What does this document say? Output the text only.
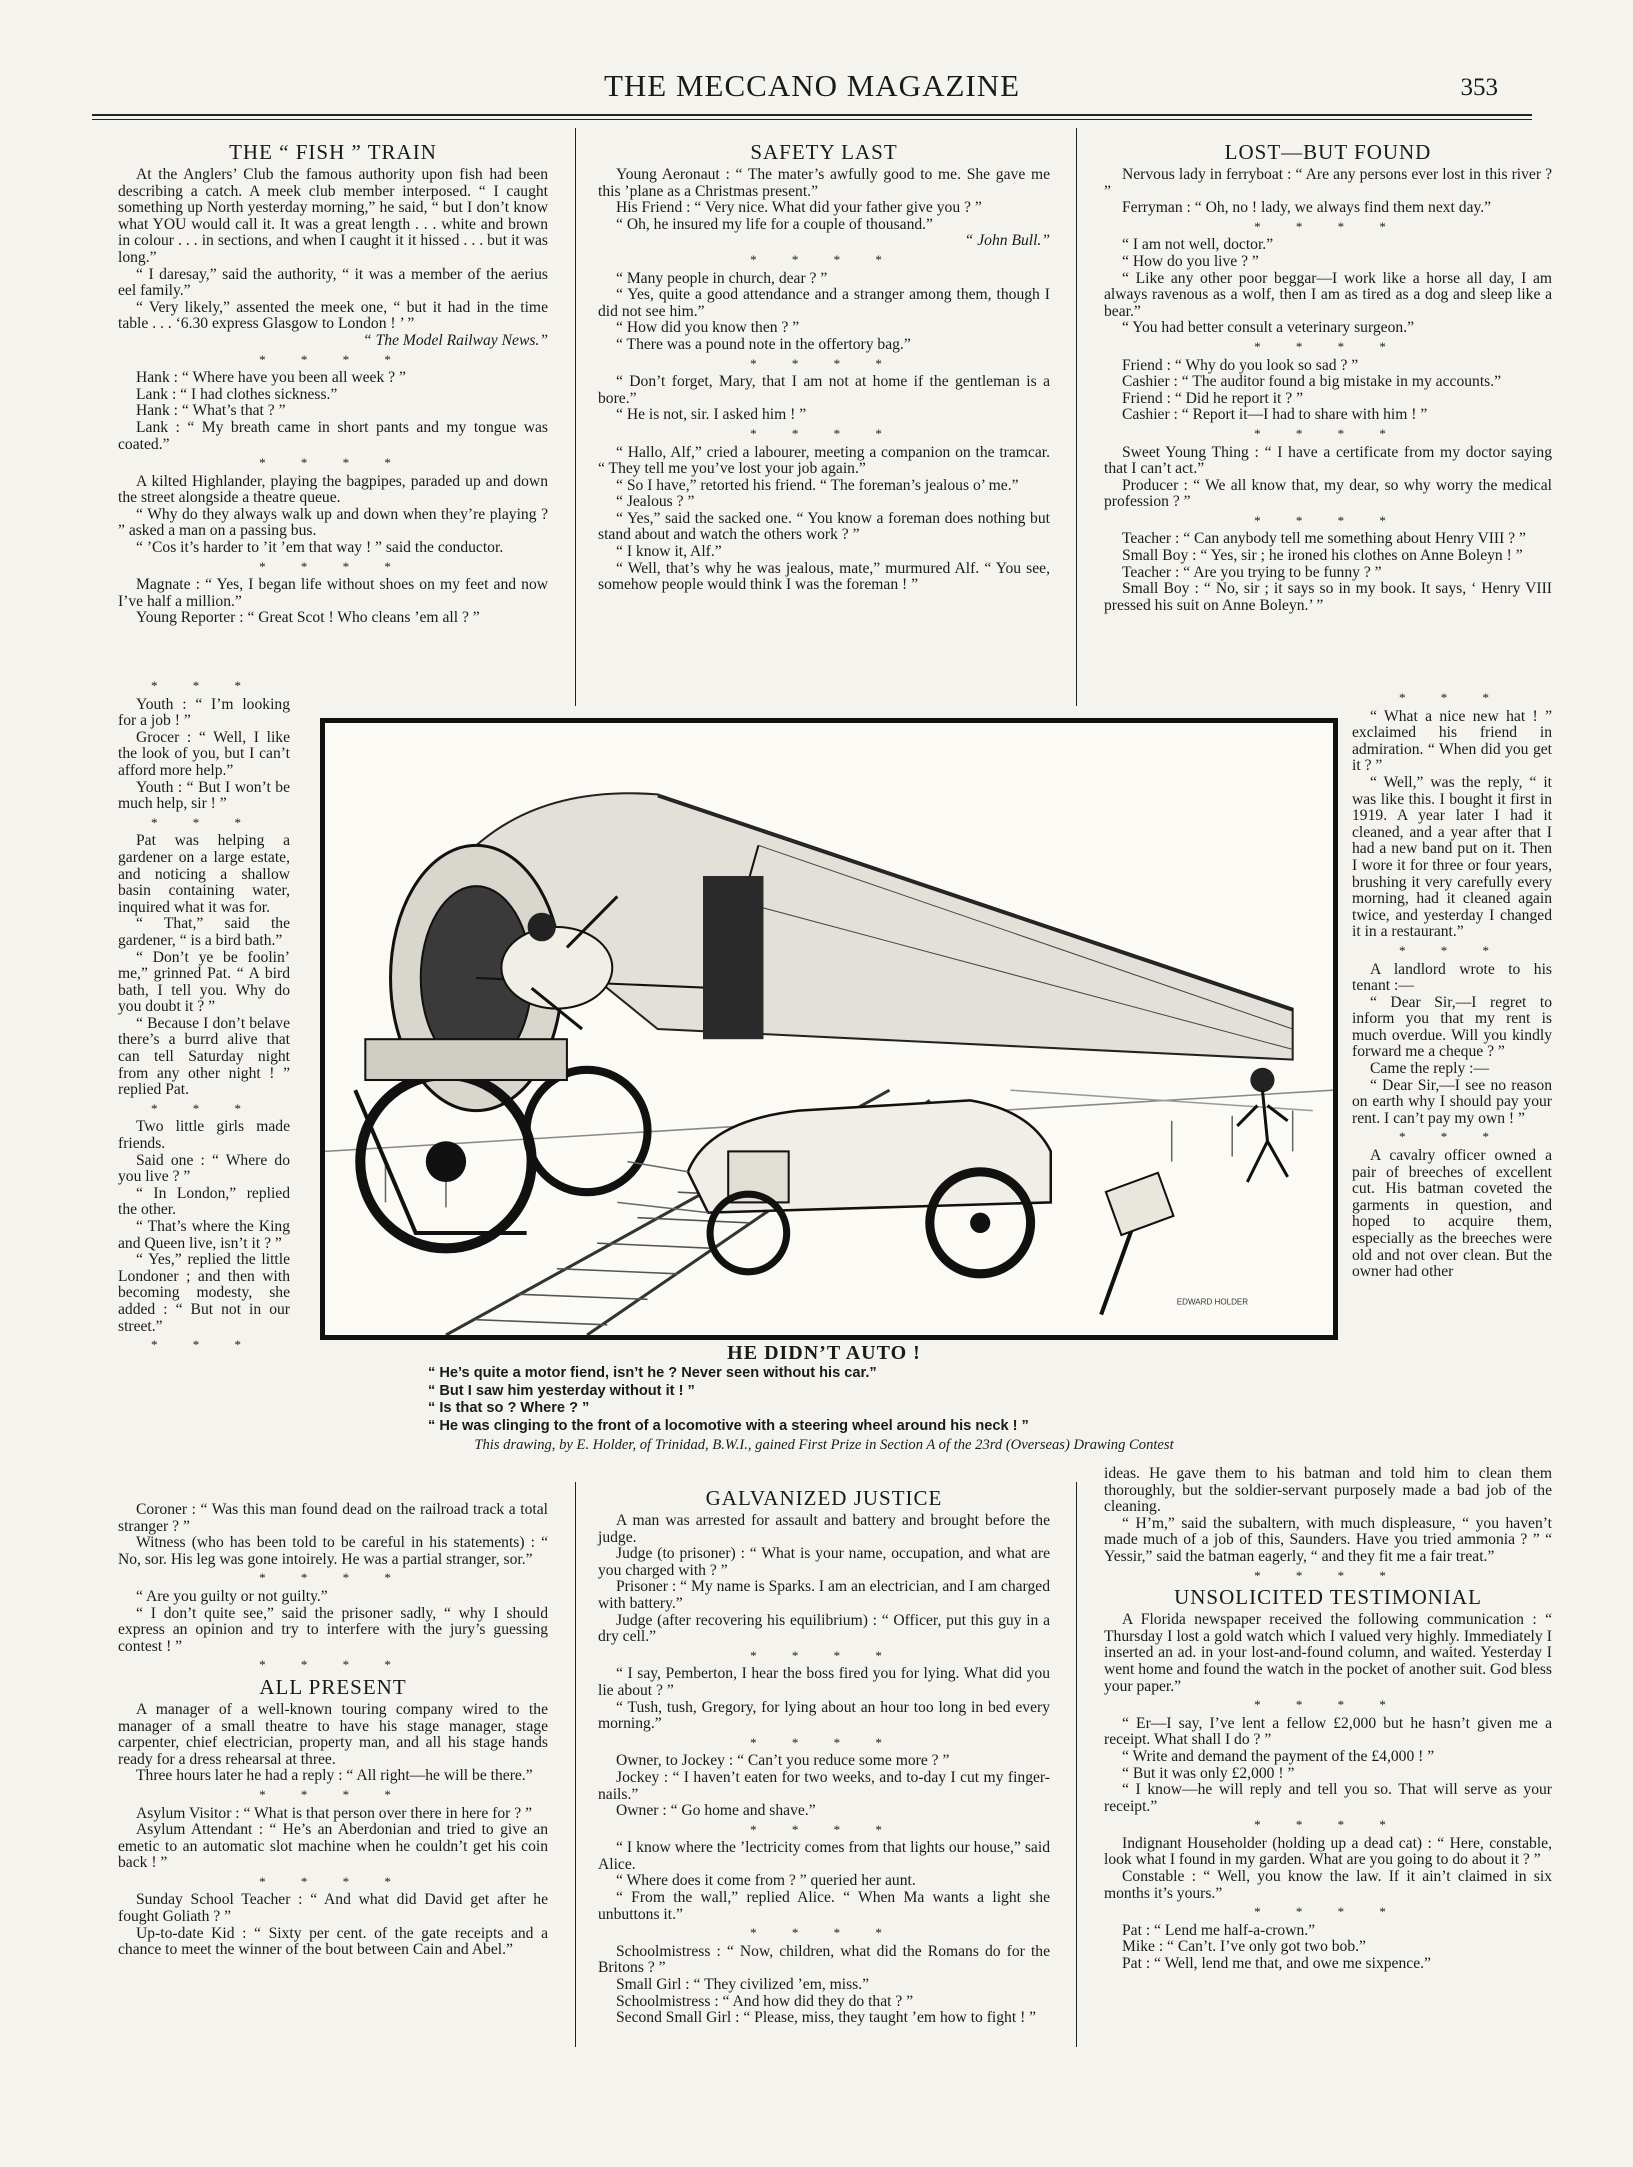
THE MECCANO MAGAZINE	353
THE “ FISH ” TRAIN

At the Anglers’ Club the famous authority upon fish had been describing a catch. A meek club member interposed. “ I caught something up North yesterday morning,” he said, “ but I don’t know what YOU would call it. It was a great length . . . white and brown in colour . . . in sections, and when I caught it it hissed . . . but it was long.”

“ I daresay,” said the authority, “ it was a member of the aerius eel family.”

“ Very likely,” assented the meek one, “ but it had in the time table . . . ‘6.30 express Glasgow to London ! ’ ”

“ The Model Railway News.”

* * * *

Hank : “ Where have you been all week ? ”

Lank : “ I had clothes sickness.”

Hank : “ What’s that ? ”

Lank : “ My breath came in short pants and my tongue was coated.”

* * * *

A kilted Highlander, playing the bagpipes, paraded up and down the street alongside a theatre queue.

“ Why do they always walk up and down when they’re playing ? ” asked a man on a passing bus.

“ ’Cos it’s harder to ’it ’em that way ! ” said the conductor.

* * * *

Magnate : “ Yes, I began life without shoes on my feet and now I’ve half a million.”

Young Reporter : “ Great Scot ! Who cleans ’em all ? ”

* * *

Youth : “ I’m looking for a job ! ”

Grocer : “ Well, I like the look of you, but I can’t afford more help.”

Youth : “ But I won’t be much help, sir ! ”

* * *

Pat was helping a gardener on a large estate, and noticing a shallow basin containing water, inquired what it was for.

“ That,” said the gardener, “ is a bird bath.”

“ Don’t ye be foolin’ me,” grinned Pat. “ A bird bath, I tell you. Why do you doubt it ? ”

“ Because I don’t belave there’s a burrd alive that can tell Saturday night from any other night ! ” replied Pat.

* * *

Two little girls made friends.

Said one : “ Where do you live ? ”

“ In London,” replied the other.

“ That’s where the King and Queen live, isn’t it ? ”

“ Yes,” replied the little Londoner ; and then with becoming modesty, she added : “ But not in our street.”

* * *

Coroner : “ Was this man found dead on the railroad track a total stranger ? ”

Witness (who has been told to be careful in his statements) : “ No, sor. His leg was gone intoirely. He was a partial stranger, sor.”

* * * *

“ Are you guilty or not guilty.”

“ I don’t quite see,” said the prisoner sadly, “ why I should express an opinion and try to interfere with the jury’s guessing contest ! ”

* * * *
ALL PRESENT

A manager of a well-known touring company wired to the manager of a small theatre to have his stage manager, stage carpenter, chief electrician, property man, and all his stage hands ready for a dress rehearsal at three.

Three hours later he had a reply : “ All right—he will be there.”

* * * *

Asylum Visitor : “ What is that person over there in here for ? ”

Asylum Attendant : “ He’s an Aberdonian and tried to give an emetic to an automatic slot machine when he couldn’t get his coin back ! ”

* * * *

Sunday School Teacher : “ And what did David get after he fought Goliath ? ”

Up-to-date Kid : “ Sixty per cent. of the gate receipts and a chance to meet the winner of the bout between Cain and Abel.”

SAFETY LAST

Young Aeronaut : “ The mater’s awfully good to me. She gave me this ’plane as a Christmas present.”

His Friend : “ Very nice. What did your father give you ? ”

“ Oh, he insured my life for a couple of thousand.”

“ John Bull.”

* * * *

“ Many people in church, dear ? ”

“ Yes, quite a good attendance and a stranger among them, though I did not see him.”

“ How did you know then ? ”

“ There was a pound note in the offertory bag.”

* * * *

“ Don’t forget, Mary, that I am not at home if the gentleman is a bore.”

“ He is not, sir. I asked him ! ”

* * * *

“ Hallo, Alf,” cried a labourer, meeting a companion on the tramcar. “ They tell me you’ve lost your job again.”

“ So I have,” retorted his friend. “ The foreman’s jealous o’ me.”

“ Jealous ? ”

“ Yes,” said the sacked one. “ You know a foreman does nothing but stand about and watch the others work ? ”

“ I know it, Alf.”

“ Well, that’s why he was jealous, mate,” murmured Alf. “ You see, somehow people would think I was the foreman ! ”

GALVANIZED JUSTICE

A man was arrested for assault and battery and brought before the judge.

Judge (to prisoner) : “ What is your name, occupation, and what are you charged with ? ”

Prisoner : “ My name is Sparks. I am an electrician, and I am charged with battery.”

Judge (after recovering his equilibrium) : “ Officer, put this guy in a dry cell.”

* * * *

“ I say, Pemberton, I hear the boss fired you for lying. What did you lie about ? ”

“ Tush, tush, Gregory, for lying about an hour too long in bed every morning.”

* * * *

Owner, to Jockey : “ Can’t you reduce some more ? ”

Jockey : “ I haven’t eaten for two weeks, and to-day I cut my finger-nails.”

Owner : “ Go home and shave.”

* * * *

“ I know where the ’lectricity comes from that lights our house,” said Alice.

“ Where does it come from ? ” queried her aunt.

“ From the wall,” replied Alice. “ When Ma wants a light she unbuttons it.”

* * * *

Schoolmistress : “ Now, children, what did the Romans do for the Britons ? ”

Small Girl : “ They civilized ’em, miss.”

Schoolmistress : “ And how did they do that ? ”

Second Small Girl : “ Please, miss, they taught ’em how to fight ! ”

LOST—BUT FOUND

Nervous lady in ferryboat : “ Are any persons ever lost in this river ? ”

Ferryman : “ Oh, no ! lady, we always find them next day.”

* * * *

“ I am not well, doctor.”

“ How do you live ? ”

“ Like any other poor beggar—I work like a horse all day, I am always ravenous as a wolf, then I am as tired as a dog and sleep like a bear.”

“ You had better consult a veterinary surgeon.”

* * * *

Friend : “ Why do you look so sad ? ”

Cashier : “ The auditor found a big mistake in my accounts.”

Friend : “ Did he report it ? ”

Cashier : “ Report it—I had to share with him ! ”

* * * *

Sweet Young Thing : “ I have a certificate from my doctor saying that I can’t act.”

Producer : “ We all know that, my dear, so why worry the medical profession ? ”

* * * *

Teacher : “ Can anybody tell me something about Henry VIII ? ”

Small Boy : “ Yes, sir ; he ironed his clothes on Anne Boleyn ! ”

Teacher : “ Are you trying to be funny ? ”

Small Boy : “ No, sir ; it says so in my book. It says, ‘ Henry VIII pressed his suit on Anne Boleyn.’ ”

* * *

“ What a nice new hat ! ” exclaimed his friend in admiration. “ When did you get it ? ”

“ Well,” was the reply, “ it was like this. I bought it first in 1919. A year later I had it cleaned, and a year after that I had a new band put on it. Then I wore it for three or four years, brushing it very carefully every morning, had it cleaned again twice, and yesterday I changed it in a restaurant.”

* * *

A landlord wrote to his tenant :—

“ Dear Sir,—I regret to inform you that my rent is much overdue. Will you kindly forward me a cheque ? ”

Came the reply :—

“ Dear Sir,—I see no reason on earth why I should pay your rent. I can’t pay my own ! ”

* * *

A cavalry officer owned a pair of breeches of excellent cut. His batman coveted the garments in question, and hoped to acquire them, especially as the breeches were old and not over clean. But the owner had other

ideas. He gave them to his batman and told him to clean them thoroughly, but the soldier-servant purposely made a bad job of the cleaning.

“ H’m,” said the subaltern, with much displeasure, “ you haven’t made much of a job of this, Saunders. Have you tried ammonia ? ” “ Yessir,” said the batman eagerly, “ and they fit me a fair treat.”

* * * *
UNSOLICITED TESTIMONIAL

A Florida newspaper received the following communication : “ Thursday I lost a gold watch which I valued very highly. Immediately I inserted an ad. in your lost-and-found column, and waited. Yesterday I went home and found the watch in the pocket of another suit. God bless your paper.”

* * * *

“ Er—I say, I’ve lent a fellow £2,000 but he hasn’t given me a receipt. What shall I do ? ”

“ Write and demand the payment of the £4,000 ! ”

“ But it was only £2,000 ! ”

“ I know—he will reply and tell you so. That will serve as your receipt.”

* * * *

Indignant Householder (holding up a dead cat) : “ Here, constable, look what I found in my garden. What are you going to do about it ? ”

Constable : “ Well, you know the law. If it ain’t claimed in six months it’s yours.”

* * * *

Pat : “ Lend me half-a-crown.”

Mike : “ Can’t. I’ve only got two bob.”

Pat : “ Well, lend me that, and owe me sixpence.”

EDWARD HOLDER
HE DIDN’T AUTO !
“ He’s quite a motor fiend, isn’t he ? Never seen without his car.”
“ But I saw him yesterday without it ! ”
“ Is that so ? Where ? ”
“ He was clinging to the front of a locomotive with a steering wheel around his neck ! ”
This drawing, by E. Holder, of Trinidad, B.W.I., gained First Prize in Section A of the 23rd (Overseas) Drawing Contest
